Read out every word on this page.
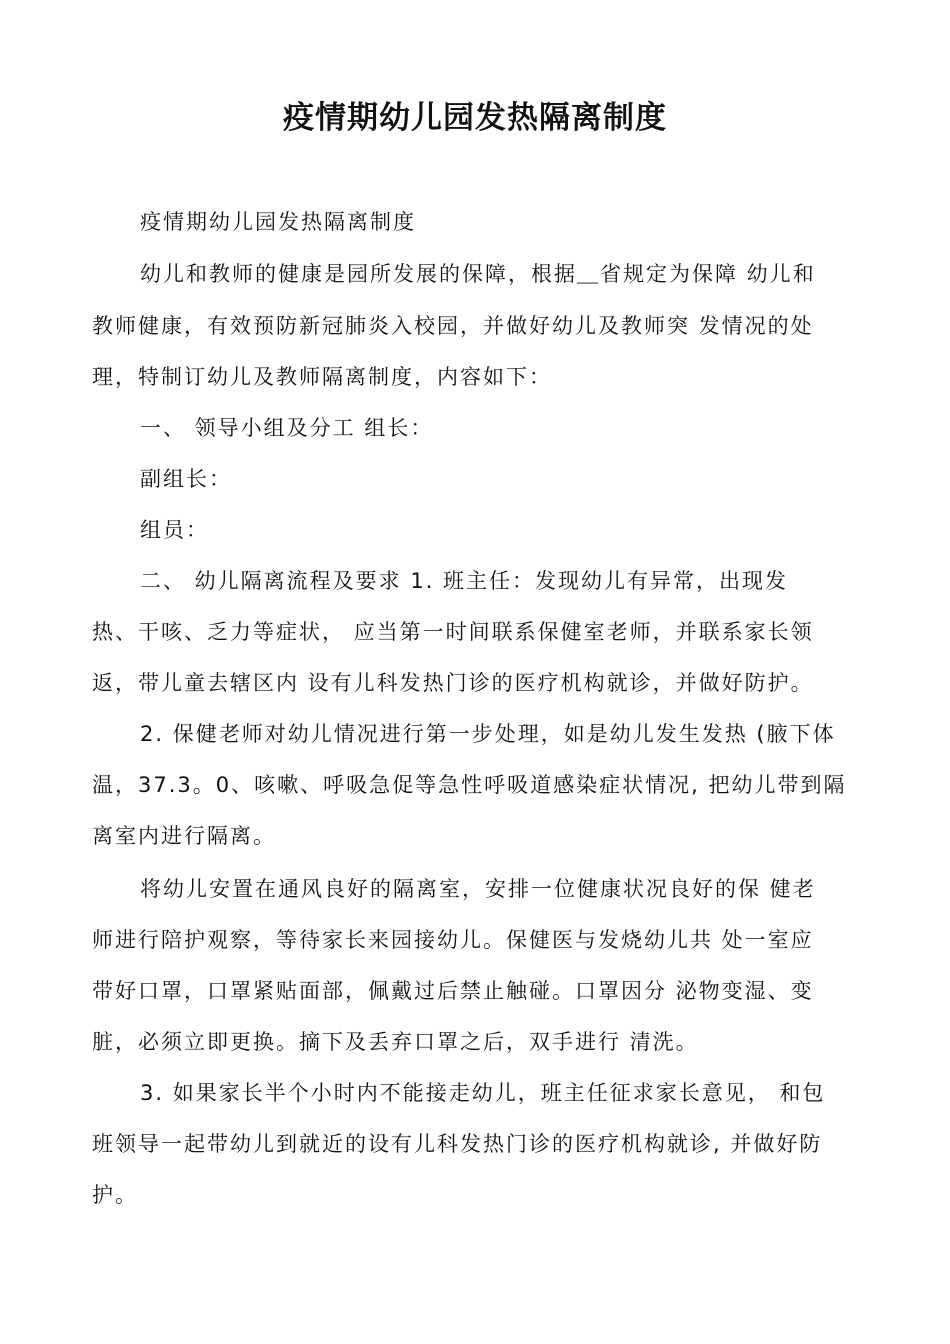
疫情期幼儿园发热隔离制度

疫情期幼儿园发热隔离制度

幼儿和教师的健康是园所发展的保障，根据＿省规定为保障 幼儿和

教师健康，有效预防新冠肺炎入校园，并做好幼儿及教师突 发情况的处

理，特制订幼儿及教师隔离制度，内容如下：

一、 领导小组及分工 组长：

副组长：

组员：

二、 幼儿隔离流程及要求 1. 班主任：发现幼儿有异常，出现发

热、干咳、乏力等症状， 应当第一时间联系保健室老师，并联系家长领

返，带儿童去辖区内 设有儿科发热门诊的医疗机构就诊，并做好防护。

2. 保健老师对幼儿情况进行第一步处理，如是幼儿发生发热 (腋下体

温，37.3。0、咳嗽、呼吸急促等急性呼吸道感染症状情况, 把幼儿带到隔

离室内进行隔离。

将幼儿安置在通风良好的隔离室，安排一位健康状况良好的保 健老

师进行陪护观察，等待家长来园接幼儿。保健医与发烧幼儿共 处一室应

带好口罩，口罩紧贴面部，佩戴过后禁止触碰。口罩因分 泌物变湿、变

脏，必须立即更换。摘下及丢弃口罩之后，双手进行 清洗。

3. 如果家长半个小时内不能接走幼儿，班主任征求家长意见， 和包

班领导一起带幼儿到就近的设有儿科发热门诊的医疗机构就诊, 并做好防

护。
